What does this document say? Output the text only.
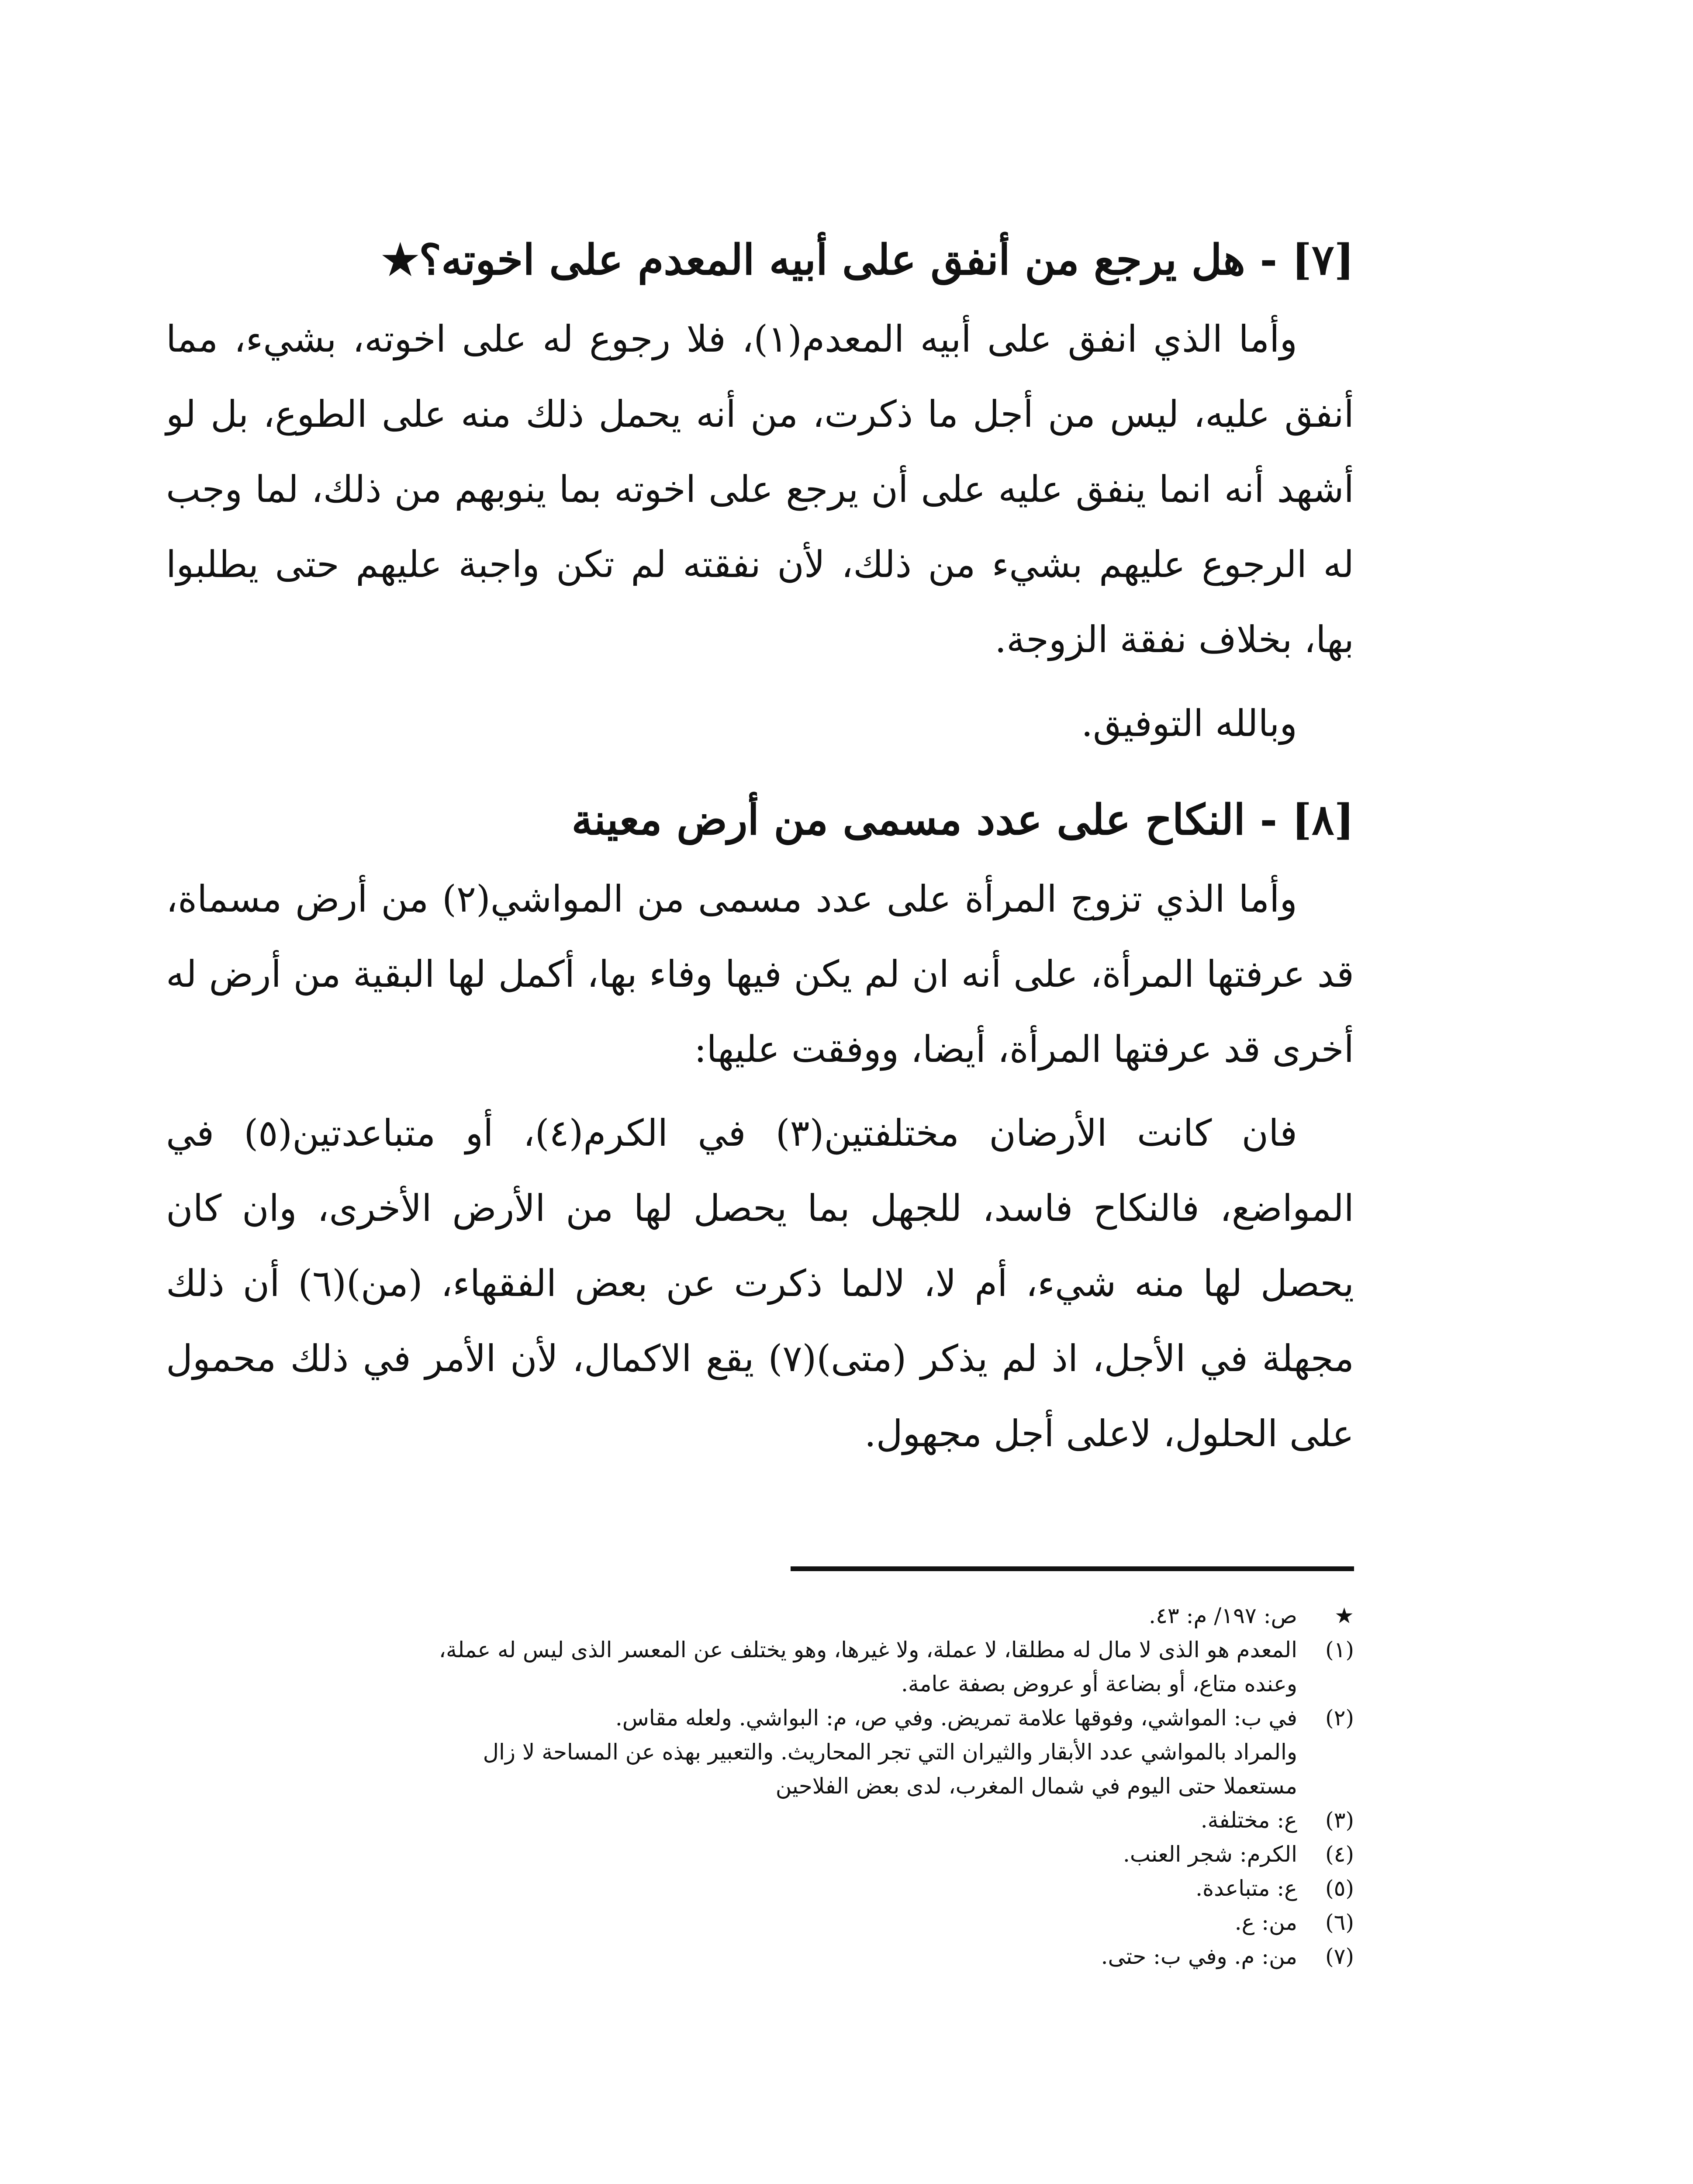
[٧] - هل يرجع من أنفق على أبيه المعدم على اخوته؟★

وأما الذي انفق على أبيه المعدم(١)، فلا رجوع له على اخوته، بشيء، مما أنفق عليه، ليس من أجل ما ذكرت، من أنه يحمل ذلك منه على الطوع، بل لو أشهد أنه انما ينفق عليه على أن يرجع على اخوته بما ينوبهم من ذلك، لما وجب له الرجوع عليهم بشيء من ذلك، لأن نفقته لم تكن واجبة عليهم حتى يطلبوا بها، بخلاف نفقة الزوجة.

وبالله التوفيق.

[٨] - النكاح على عدد مسمى من أرض معينة

وأما الذي تزوج المرأة على عدد مسمى من المواشي(٢) من أرض مسماة، قد عرفتها المرأة، على أنه ان لم يكن فيها وفاء بها، أكمل لها البقية من أرض له أخرى قد عرفتها المرأة، أيضا، ووفقت عليها:

فان كانت الأرضان مختلفتين(٣) في الكرم(٤)، أو متباعدتين(٥) في المواضع، فالنكاح فاسد، للجهل بما يحصل لها من الأرض الأخرى، وان كان يحصل لها منه شيء، أم لا، لالما ذكرت عن بعض الفقهاء، (من)(٦) أن ذلك مجهلة في الأجل، اذ لم يذكر (متى)(٧) يقع الاكمال، لأن الأمر في ذلك محمول على الحلول، لاعلى أجل مجهول.

★
ص: ١٩٧/ م: ٤٣.
(١)
المعدم هو الذى لا مال له مطلقا، لا عملة، ولا غيرها، وهو يختلف عن المعسر الذى ليس له عملة،
وعنده متاع، أو بضاعة أو عروض بصفة عامة.
(٢)
في ب: المواشي، وفوقها علامة تمريض. وفي ص، م: البواشي. ولعله مقاس.
والمراد بالمواشي عدد الأبقار والثيران التي تجر المحاريث. والتعبير بهذه عن المساحة لا زال
مستعملا حتى اليوم في شمال المغرب، لدى بعض الفلاحين
(٣)
ع: مختلفة.
(٤)
الكرم: شجر العنب.
(٥)
ع: متباعدة.
(٦)
من: ع.
(٧)
من: م. وفي ب: حتى.
